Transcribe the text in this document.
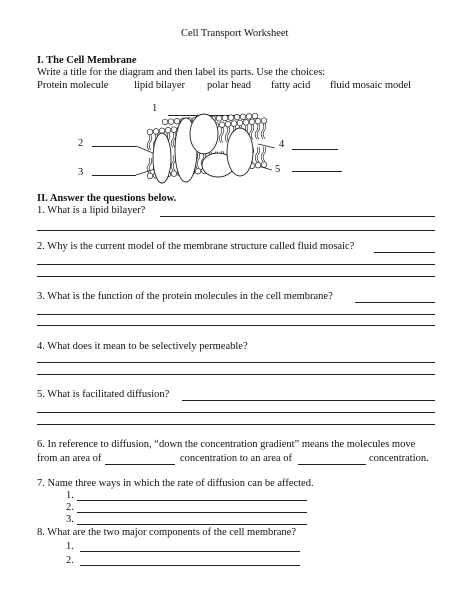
Cell Transport Worksheet
I. The Cell Membrane
Write a title for the diagram and then label its parts. Use the choices:
Protein molecule lipid bilayer polar head fatty acid fluid mosaic model
1
2
3
4
5
II. Answer the questions below.
1. What is a lipid bilayer?
2. Why is the current model of the membrane structure called fluid mosaic?
3. What is the function of the protein molecules in the cell membrane?
4. What does it mean to be selectively permeable?
5. What is facilitated diffusion?
6. In reference to diffusion, “down the concentration gradient” means the molecules move
from an area of	concentration to an area of	concentration.
7. Name three ways in which the rate of diffusion can be affected.
1.
2.
3.
8. What are the two major components of the cell membrane?
1.
2.
